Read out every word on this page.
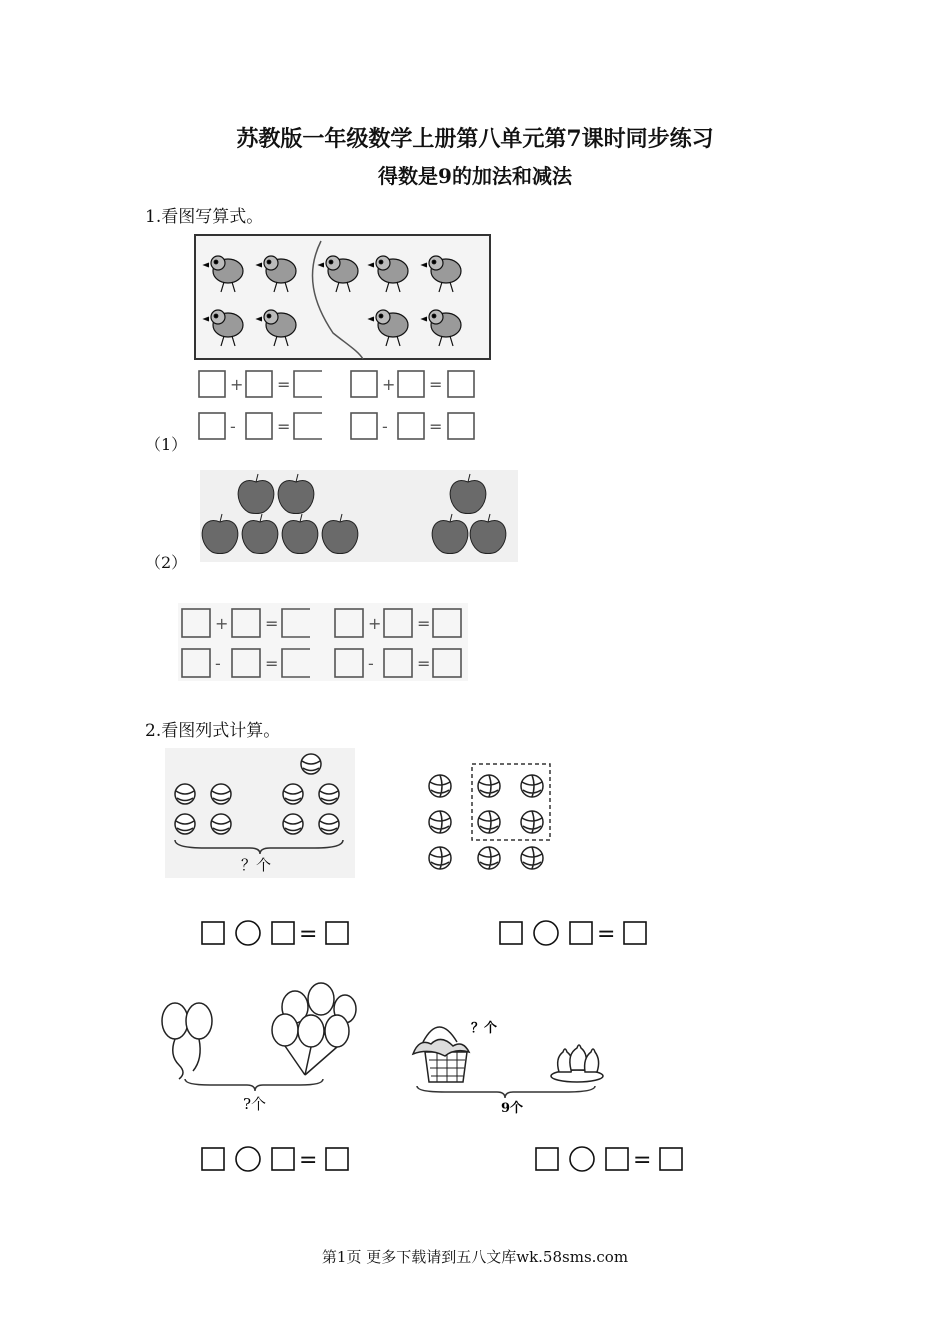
苏教版一年级数学上册第八单元第7课时同步练习
得数是9的加法和减法
1.看图写算式。
+ =	+ =
-	=	-	=
（1）
（2）
+ =	+ =
-	=	-	=
2.看图列式计算。
？个
=	=
?个
？个
9个
=	=
第1页 更多下载请到五八文库wk.58sms.com
